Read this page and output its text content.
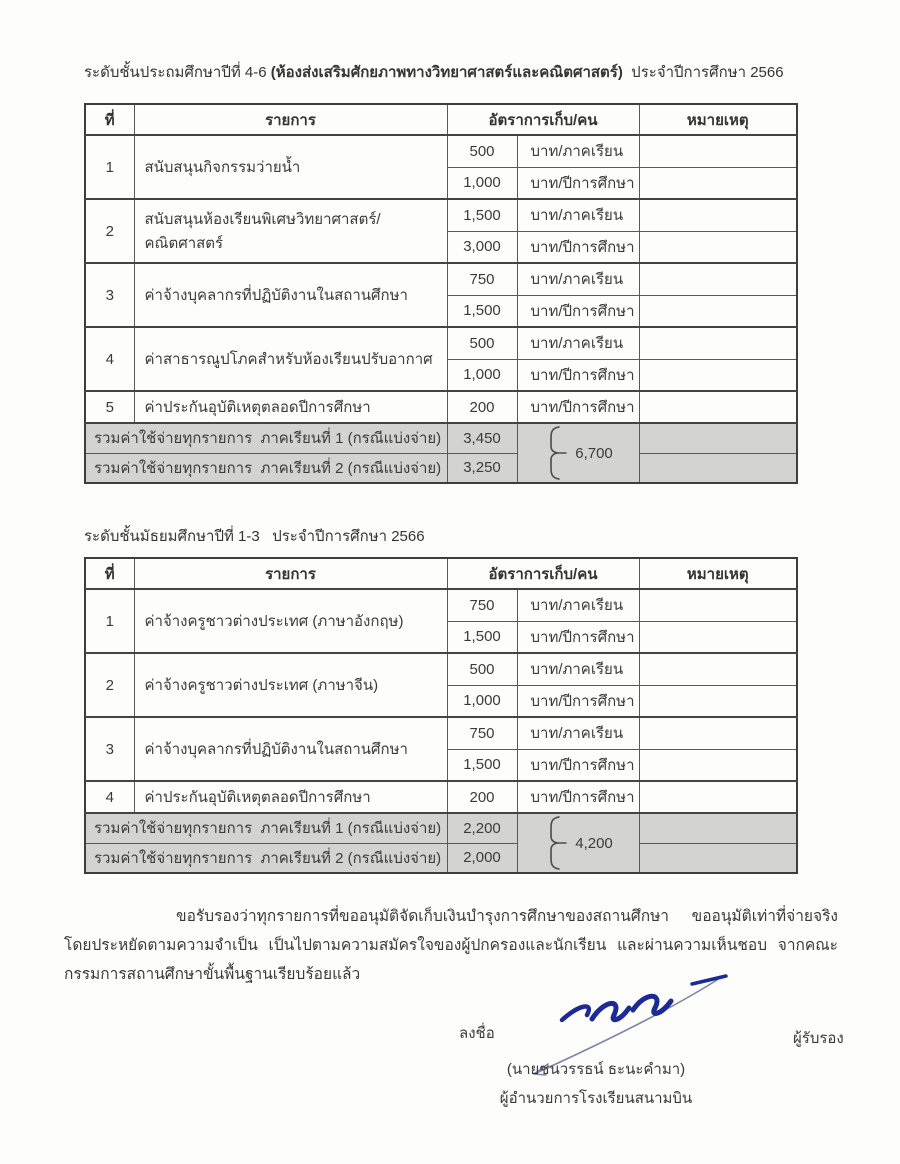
ระดับชั้นประถมศึกษาปีที่ 4-6 (ห้องส่งเสริมศักยภาพทางวิทยาศาสตร์และคณิตศาสตร์)  ประจำปีการศึกษา 2566
ที่	รายการ	อัตราการเก็บ/คน		หมายเหตุ
1	สนับสนุนกิจกรรมว่ายน้ำ	500	บาท/ภาคเรียน	
		1,000	บาท/ปีการศึกษา	
2	สนับสนุนห้องเรียนพิเศษวิทยาศาสตร์/คณิตศาสตร์	1,500	บาท/ภาคเรียน	
		3,000	บาท/ปีการศึกษา	
3	ค่าจ้างบุคลากรที่ปฏิบัติงานในสถานศึกษา	750	บาท/ภาคเรียน	
		1,500	บาท/ปีการศึกษา	
4	ค่าสาธารณูปโภคสำหรับห้องเรียนปรับอากาศ	500	บาท/ภาคเรียน	
		1,000	บาท/ปีการศึกษา	
5	ค่าประกันอุบัติเหตุตลอดปีการศึกษา	200	บาท/ปีการศึกษา	
รวมค่าใช้จ่ายทุกรายการ  ภาคเรียนที่ 1 (กรณีแบ่งจ่าย)		3,450	6,700	

รวมค่าใช้จ่ายทุกรายการ  ภาคเรียนที่ 2 (กรณีแบ่งจ่าย)		3,250		
ระดับชั้นมัธยมศึกษาปีที่ 1-3   ประจำปีการศึกษา 2566
ที่	รายการ	อัตราการเก็บ/คน		หมายเหตุ
1	ค่าจ้างครูชาวต่างประเทศ (ภาษาอังกฤษ)	750	บาท/ภาคเรียน	
		1,500	บาท/ปีการศึกษา	
2	ค่าจ้างครูชาวต่างประเทศ (ภาษาจีน)	500	บาท/ภาคเรียน	
		1,000	บาท/ปีการศึกษา	
3	ค่าจ้างบุคลากรที่ปฏิบัติงานในสถานศึกษา	750	บาท/ภาคเรียน	
		1,500	บาท/ปีการศึกษา	
4	ค่าประกันอุบัติเหตุตลอดปีการศึกษา	200	บาท/ปีการศึกษา	
รวมค่าใช้จ่ายทุกรายการ  ภาคเรียนที่ 1 (กรณีแบ่งจ่าย)		2,200	4,200	

รวมค่าใช้จ่ายทุกรายการ  ภาคเรียนที่ 2 (กรณีแบ่งจ่าย)		2,000		
ขอรับรองว่าทุกรายการที่ขออนุมัติจัดเก็บเงินบำรุงการศึกษาของสถานศึกษา ขออนุมัติเท่าที่จ่ายจริง โดยประหยัดตามความจำเป็น เป็นไปตามความสมัครใจของผู้ปกครองและนักเรียน และผ่านความเห็นชอบ จากคณะกรรมการสถานศึกษาขั้นพื้นฐานเรียบร้อยแล้ว
ลงชื่อ	ผู้รับรอง
(นายชนวรรธน์ ธะนะคำมา)
ผู้อำนวยการโรงเรียนสนามบิน
